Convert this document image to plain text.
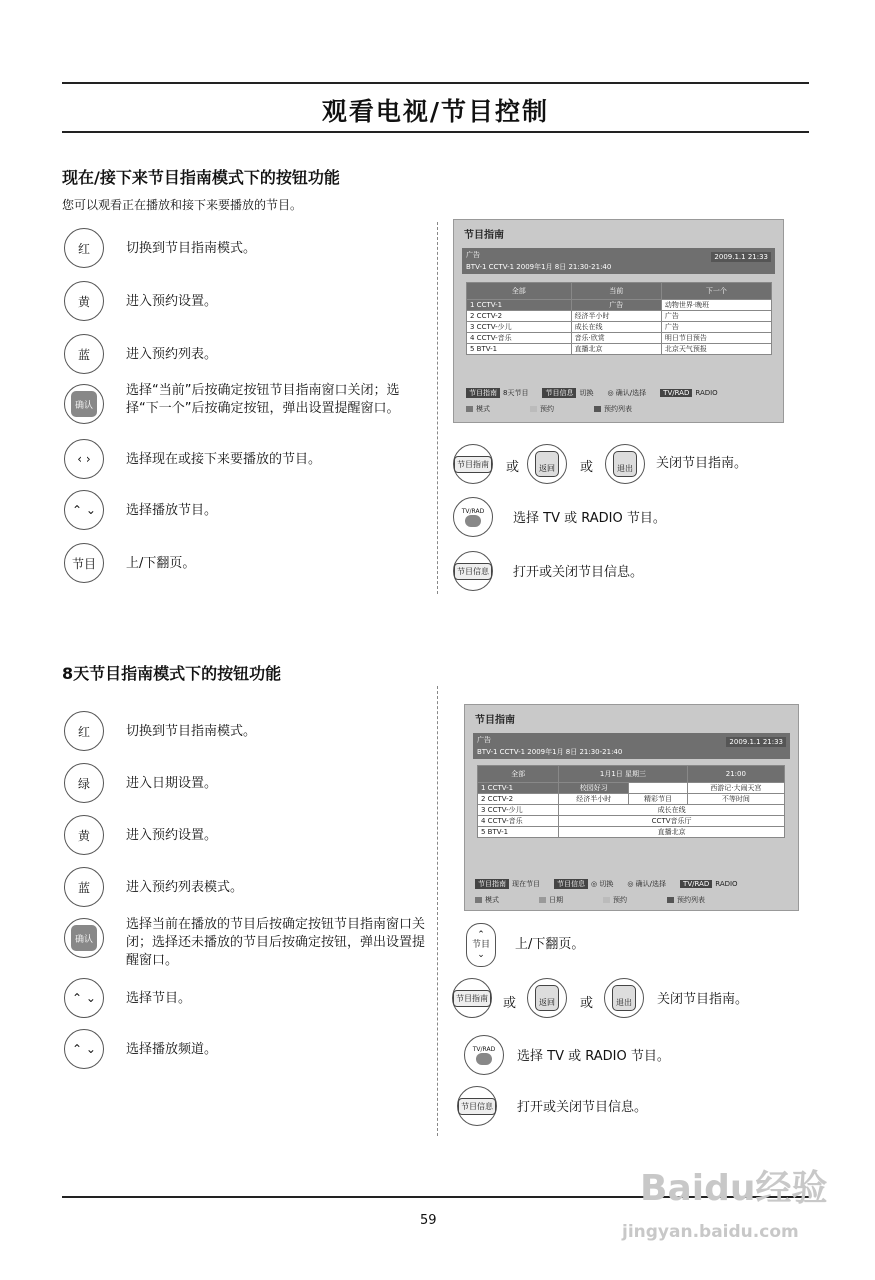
观看电视/节目控制
现在/接下来节目指南模式下的按钮功能
您可以观看正在播放和接下来要播放的节目。
红	切换到节目指南模式。
黄	进入预约设置。
蓝	进入预约列表。
确认
选择“当前”后按确定按钮节目指南窗口关闭；选择“下一个”后按确定按钮，弹出设置提醒窗口。
‹ ›	选择现在或接下来要播放的节目。
⌃ ⌄ 选择播放节目。
节目 上/下翻页。
节目指南
广告
BTV-1 CCTV-1 2009年1月 8日 21:30-21:40
2009.1.1 21:33
全部	当前	下一个
1 CCTV-1	广告	动物世界·晚班
2 CCTV-2	经济半小时	广告
3 CCTV-少儿	成长在线	广告
4 CCTV-音乐	音乐·欣赏	明日节目预告
5 BTV-1	直播北京	北京天气预报
节目指南 8天节目 节目信息 切换 ◎ 确认/选择 TV/RAD RADIO
模式	预约	预约列表
节目指南 或	返回	或	退出	关闭节目指南。
TV/RAD 选择 TV 或 RADIO 节目。
节目信息 打开或关闭节目信息。
8天节目指南模式下的按钮功能
红	切换到节目指南模式。
绿	进入日期设置。
黄	进入预约设置。
蓝	进入预约列表模式。
确认
选择当前在播放的节目后按确定按钮节目指南窗口关闭；选择还未播放的节目后按确定按钮，弹出设置提醒窗口。
⌃ ⌄ 选择节目。
⌃ ⌄ 选择播放频道。
节目指南
广告
BTV-1 CCTV-1 2009年1月 8日 21:30-21:40
2009.1.1 21:33
全部	1月1日 星期三		21:00
1 CCTV-1	校园好习		西游记·大闹天宫
2 CCTV-2	经济半小时	精彩节目	不等时间
3 CCTV-少儿	成长在线		
4 CCTV-音乐	CCTV音乐厅		
5 BTV-1	直播北京		
节目指南 现在节目 节目信息 ◎ 切换 ◎ 确认/选择 TV/RAD RADIO
模式	日期	预约	预约列表
⌃
节目
⌄
上/下翻页。
节目指南 或	返回	或	退出	关闭节目指南。
TV/RAD 选择 TV 或 RADIO 节目。
节目信息 打开或关闭节目信息。
59
Baidu经验
jingyan.baidu.com
